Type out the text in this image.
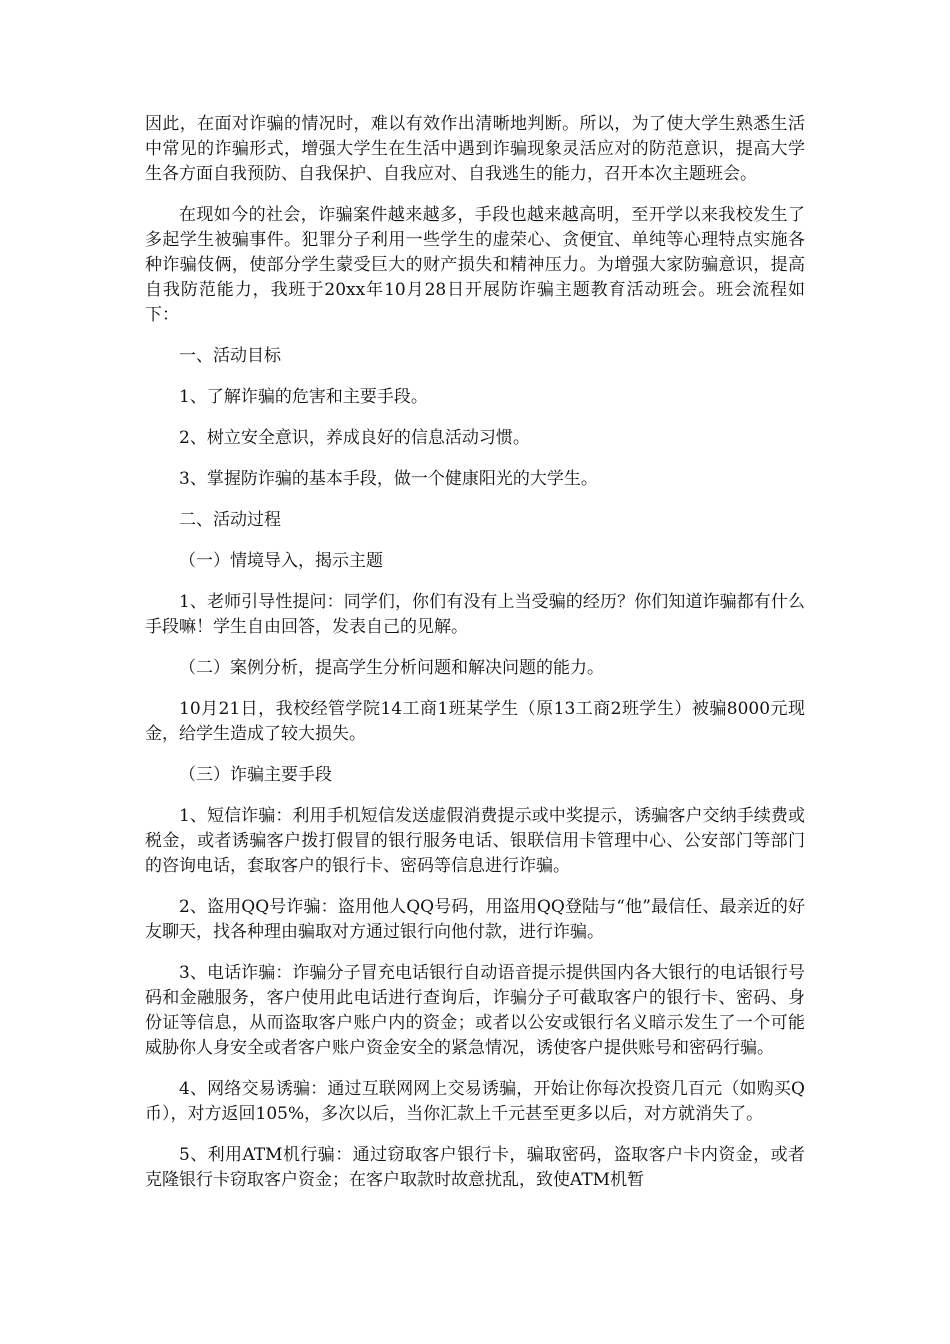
因此，在面对诈骗的情况时，难以有效作出清晰地判断。所以，为了使大学生熟悉生活中常见的诈骗形式，增强大学生在生活中遇到诈骗现象灵活应对的防范意识，提高大学生各方面自我预防、自我保护、自我应对、自我逃生的能力，召开本次主题班会。

在现如今的社会，诈骗案件越来越多，手段也越来越高明，至开学以来我校发生了多起学生被骗事件。犯罪分子利用一些学生的虚荣心、贪便宜、单纯等心理特点实施各种诈骗伎俩，使部分学生蒙受巨大的财产损失和精神压力。为增强大家防骗意识，提高自我防范能力，我班于20xx年10月28日开展防诈骗主题教育活动班会。班会流程如下：

一、活动目标

1、了解诈骗的危害和主要手段。

2、树立安全意识，养成良好的信息活动习惯。

3、掌握防诈骗的基本手段，做一个健康阳光的大学生。

二、活动过程

（一）情境导入，揭示主题

1、老师引导性提问：同学们，你们有没有上当受骗的经历？你们知道诈骗都有什么手段嘛！学生自由回答，发表自己的见解。

（二）案例分析，提高学生分析问题和解决问题的能力。

10月21日，我校经管学院14工商1班某学生（原13工商2班学生）被骗8000元现金，给学生造成了较大损失。

（三）诈骗主要手段

1、短信诈骗：利用手机短信发送虚假消费提示或中奖提示，诱骗客户交纳手续费或税金，或者诱骗客户拨打假冒的银行服务电话、银联信用卡管理中心、公安部门等部门的咨询电话，套取客户的银行卡、密码等信息进行诈骗。

2、盗用QQ号诈骗：盗用他人QQ号码，用盗用QQ登陆与“他”最信任、最亲近的好友聊天，找各种理由骗取对方通过银行向他付款，进行诈骗。

3、电话诈骗：诈骗分子冒充电话银行自动语音提示提供国内各大银行的电话银行号码和金融服务，客户使用此电话进行查询后，诈骗分子可截取客户的银行卡、密码、身份证等信息，从而盗取客户账户内的资金；或者以公安或银行名义暗示发生了一个可能威胁你人身安全或者客户账户资金安全的紧急情况，诱使客户提供账号和密码行骗。

4、网络交易诱骗：通过互联网网上交易诱骗，开始让你每次投资几百元（如购买Q币），对方返回105%，多次以后，当你汇款上千元甚至更多以后，对方就消失了。

5、利用ATM机行骗：通过窃取客户银行卡，骗取密码，盗取客户卡内资金，或者克隆银行卡窃取客户资金；在客户取款时故意扰乱，致使ATM机暂
